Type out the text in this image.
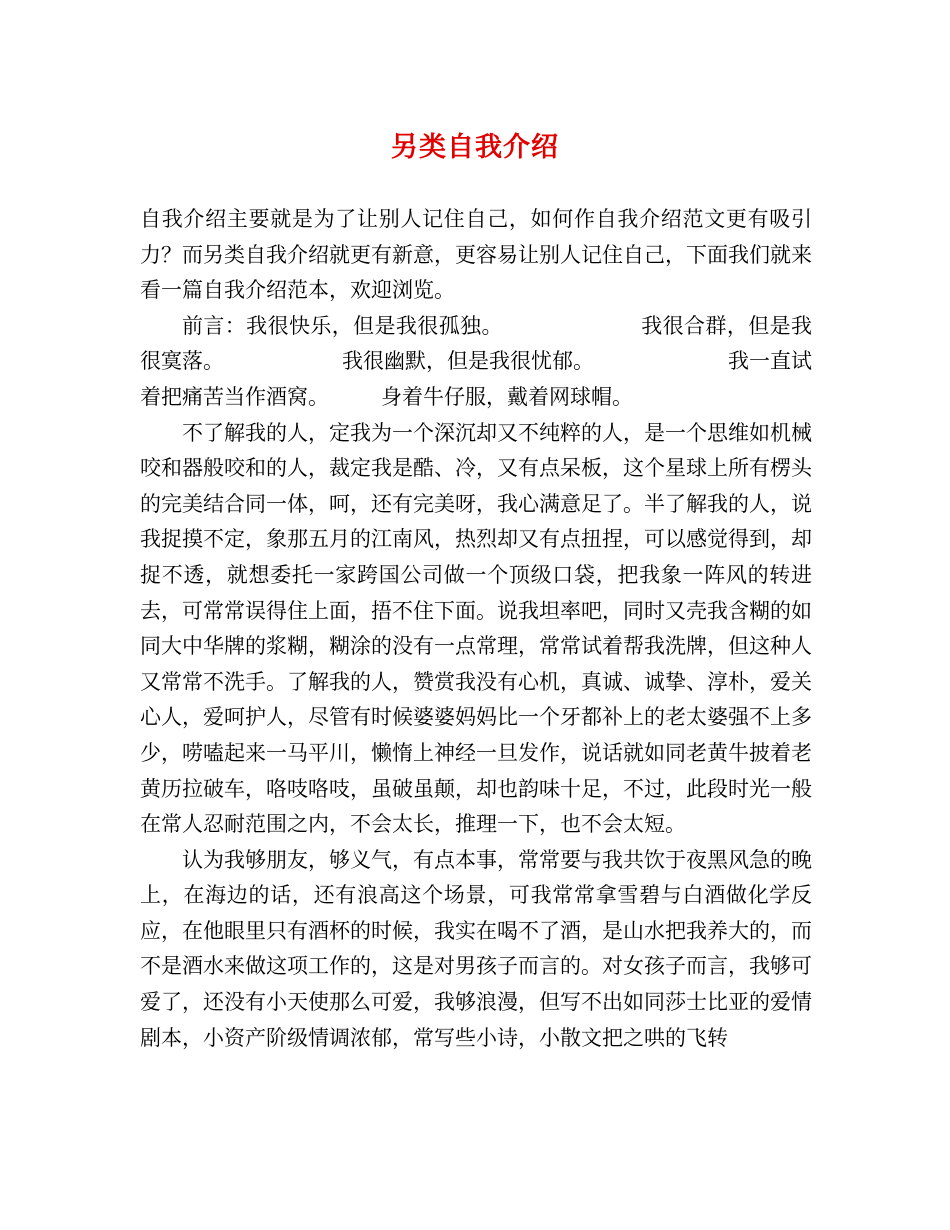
另类自我介绍

自我介绍主要就是为了让别人记住自己，如何作自我介绍范文更有吸引力？而另类自我介绍就更有新意，更容易让别人记住自己，下面我们就来看一篇自我介绍范本，欢迎浏览。

前言：我很快乐，但是我很孤独。	我很合群，但是我很寞落。	我很幽默，但是我很忧郁。	我一直试着把痛苦当作酒窝。 身着牛仔服，戴着网球帽。

不了解我的人，定我为一个深沉却又不纯粹的人，是一个思维如机械咬和器般咬和的人，裁定我是酷、冷，又有点呆板，这个星球上所有楞头的完美结合同一体，呵，还有完美呀，我心满意足了。半了解我的人，说我捉摸不定，象那五月的江南风，热烈却又有点扭捏，可以感觉得到，却捉不透，就想委托一家跨国公司做一个顶级口袋，把我象一阵风的转进去，可常常误得住上面，捂不住下面。说我坦率吧，同时又壳我含糊的如同大中华牌的浆糊，糊涂的没有一点常理，常常试着帮我洗牌，但这种人又常常不洗手。了解我的人，赞赏我没有心机，真诚、诚挚、淳朴，爱关心人，爱呵护人，尽管有时候婆婆妈妈比一个牙都补上的老太婆强不上多少，唠嗑起来一马平川，懒惰上神经一旦发作，说话就如同老黄牛披着老黄历拉破车，咯吱咯吱，虽破虽颠，却也韵味十足，不过，此段时光一般在常人忍耐范围之内，不会太长，推理一下，也不会太短。

认为我够朋友，够义气，有点本事，常常要与我共饮于夜黑风急的晚上，在海边的话，还有浪高这个场景，可我常常拿雪碧与白酒做化学反应，在他眼里只有酒杯的时候，我实在喝不了酒，是山水把我养大的，而不是酒水来做这项工作的，这是对男孩子而言的。对女孩子而言，我够可爱了，还没有小天使那么可爱，我够浪漫，但写不出如同莎士比亚的爱情剧本，小资产阶级情调浓郁，常写些小诗，小散文把之哄的飞转
